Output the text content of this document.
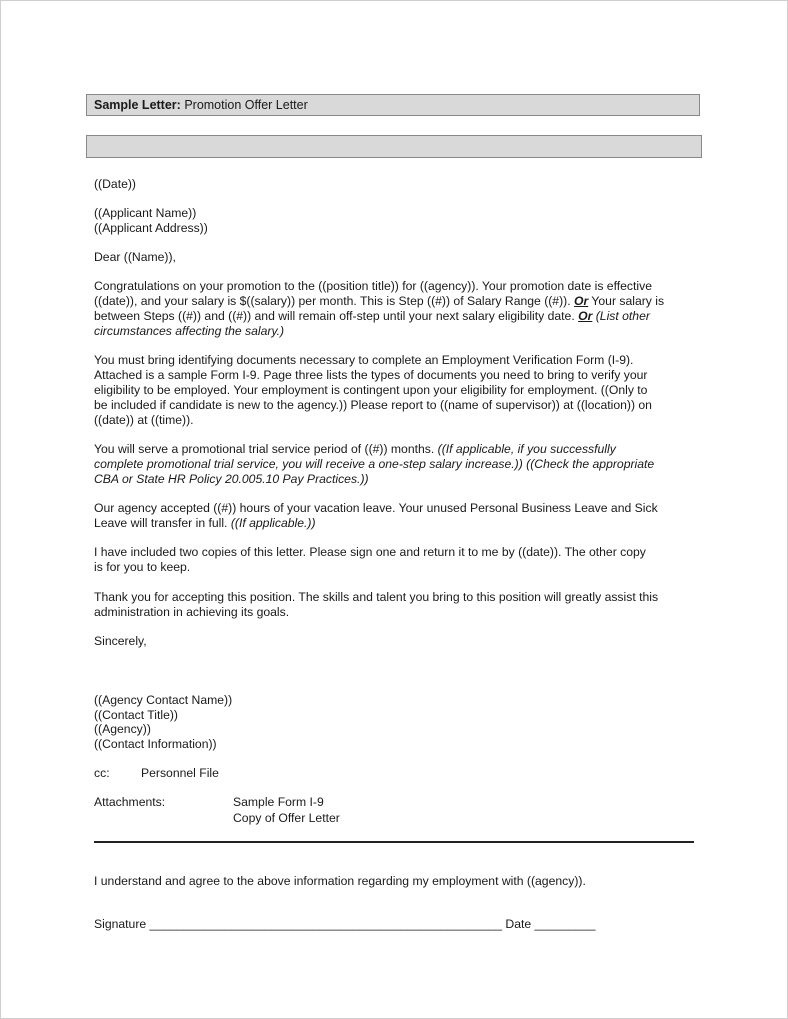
Sample Letter: Promotion Offer Letter
((Date))
((Applicant Name))
((Applicant Address))
Dear ((Name)),
Congratulations on your promotion to the ((position title)) for ((agency)). Your promotion date is effective
((date)), and your salary is $((salary)) per month. This is Step ((#)) of Salary Range ((#)). Or Your salary is
between Steps ((#)) and ((#)) and will remain off-step until your next salary eligibility date. Or (List other
circumstances affecting the salary.)
You must bring identifying documents necessary to complete an Employment Verification Form (I-9).
Attached is a sample Form I-9. Page three lists the types of documents you need to bring to verify your
eligibility to be employed. Your employment is contingent upon your eligibility for employment. ((Only to
be included if candidate is new to the agency.)) Please report to ((name of supervisor)) at ((location)) on
((date)) at ((time)).
You will serve a promotional trial service period of ((#)) months. ((If applicable, if you successfully
complete promotional trial service, you will receive a one-step salary increase.)) ((Check the appropriate
CBA or State HR Policy 20.005.10 Pay Practices.))
Our agency accepted ((#)) hours of your vacation leave. Your unused Personal Business Leave and Sick
Leave will transfer in full. ((If applicable.))
I have included two copies of this letter. Please sign one and return it to me by ((date)). The other copy
is for you to keep.
Thank you for accepting this position. The skills and talent you bring to this position will greatly assist this
administration in achieving its goals.
Sincerely,
((Agency Contact Name))
((Contact Title))
((Agency))
((Contact Information))
cc:	Personnel File
Attachments:	Sample Form I-9
Copy of Offer Letter
I understand and agree to the above information regarding my employment with ((agency)).
Signature ____________________________________________________ Date _________
